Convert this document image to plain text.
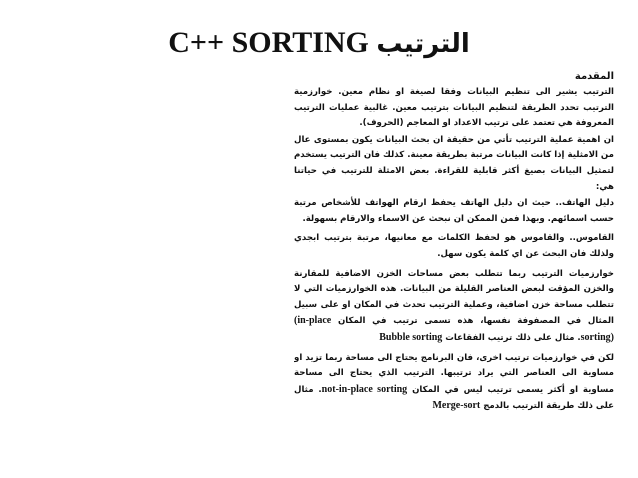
C++ SORTING الترتيب
المقدمة

الترتيب يشير الى تنظيم البيانات وفقا لصيغة او نظام معين. خوارزمية الترتيب تحدد الطريقة لتنظيم البيانات بترتيب معين. غالبية عمليات الترتيب المعروفة هي تعتمد على ترتيب الاعداد او المعاجم (الحروف).

ان اهمية عملية الترتيب تأتي من حقيقة ان بحث البيانات يكون بمستوى عال من الامثلية إذا كانت البيانات مرتبة بطريقة معينة. كذلك فان الترتيب يستخدم لتمثيل البيانات بصيغ أكثر قابلية للقراءة. بعض الامثلة للترتيب في حياتنا هي:

دليل الهاتف.. حيث ان دليل الهاتف يحفظ ارقام الهواتف للأشخاص مرتبة حسب اسمائهم. وبهذا فمن الممكن ان نبحث عن الاسماء والارقام بسهولة.

القاموس.. والقاموس هو لحفظ الكلمات مع معانيها، مرتبة بترتيب ابجدي ولذلك فان البحث عن اي كلمة يكون سهل.

خوارزميات الترتيب ربما تتطلب بعض مساحات الخزن الاضافية للمقارنة والخزن المؤقت لبعض العناصر القليلة من البيانات. هذه الخوارزميات التي لا تتطلب مساحة خزن اضافية، وعملية الترتيب تحدث في المكان او على سبيل المثال في المصفوفة نفسها، هذه تسمى ترتيب في المكان (in-place sorting). مثال على ذلك ترتيب الفقاعات Bubble sorting

لكن في خوارزميات ترتيب اخرى، فان البرنامج يحتاج الى مساحة ربما تزيد او مساوية الى العناصر التي يراد ترتيبها. الترتيب الذي يحتاج الى مساحة مساوية او أكثر يسمى ترتيب ليس في المكان not-in-place sorting. مثال على ذلك طريقة الترتيب بالدمج Merge-sort
